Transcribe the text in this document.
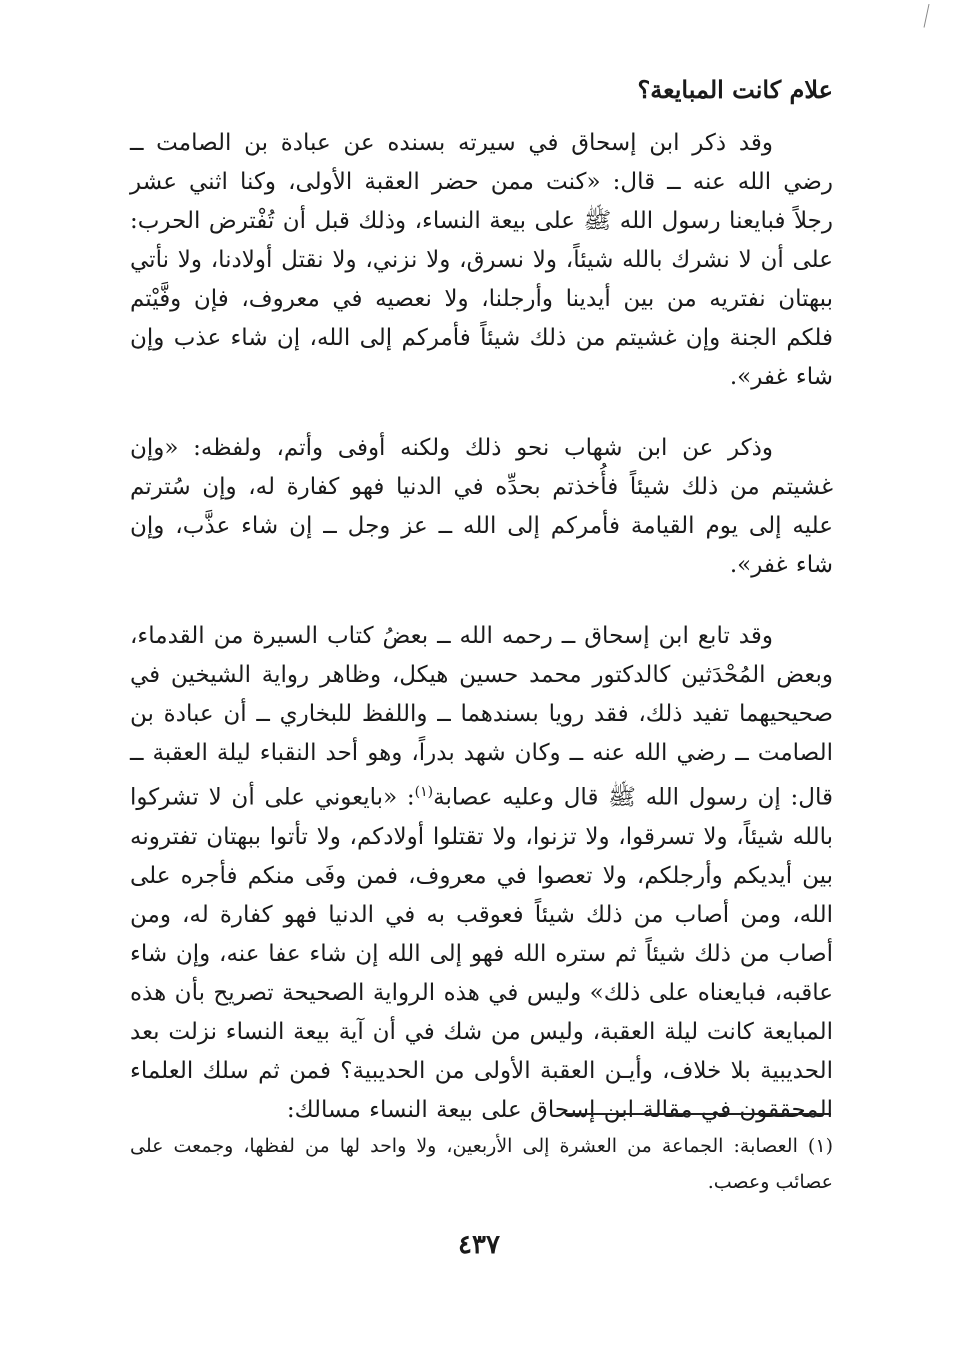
علام كانت المبايعة؟

وقد ذكر ابن إسحاق في سيرته بسنده عن عبادة بن الصامت ــ رضي الله عنه ــ قال: «كنت ممن حضر العقبة الأولى، وكنا اثني عشر رجلاً فبايعنا رسول الله ﷺ على بيعة النساء، وذلك قبل أن تُفْترض الحرب: على أن لا نشرك بالله شيئاً، ولا نسرق، ولا نزني، ولا نقتل أولادنا، ولا نأتي ببهتان نفتريه من بين أيدينا وأرجلنا، ولا نعصيه في معروف، فإن وفَّيْتم فلكم الجنة وإن غشيتم من ذلك شيئاً فأمركم إلى الله، إن شاء عذب وإن شاء غفر».

وذكر عن ابن شهاب نحو ذلك ولكنه أوفى وأتم، ولفظه: «وإن غشيتم من ذلك شيئاً فأُخذتم بحدِّه في الدنيا فهو كفارة له، وإن سُترتم عليه إلى يوم القيامة فأمركم إلى الله ــ عز وجل ــ إن شاء عذَّب، وإن شاء غفر».

وقد تابع ابن إسحاق ــ رحمه الله ــ بعضُ كتاب السيرة من القدماء، وبعض المُحْدَثين كالدكتور محمد حسين هيكل، وظاهر رواية الشيخين في صحيحيهما تفيد ذلك، فقد رويا بسندهما ــ واللفظ للبخاري ــ أن عبادة بن الصامت ــ رضي الله عنه ــ وكان شهد بدراً، وهو أحد النقباء ليلة العقبة ــ قال: إن رسول الله ﷺ قال وعليه عصابة$^{(١)}$: «بايعوني على أن لا تشركوا بالله شيئاً، ولا تسرقوا، ولا تزنوا، ولا تقتلوا أولادكم، ولا تأتوا ببهتان تفترونه بين أيديكم وأرجلكم، ولا تعصوا في معروف، فمن وفَى منكم فأجره على الله، ومن أصاب من ذلك شيئاً فعوقب به في الدنيا فهو كفارة له، ومن أصاب من ذلك شيئاً ثم ستره الله فهو إلى الله إن شاء عفا عنه، وإن شاء عاقبه، فبايعناه على ذلك» وليس في هذه الرواية الصحيحة تصريح بأن هذه المبايعة كانت ليلة العقبة، وليس من شك في أن آية بيعة النساء نزلت بعد الحديبية بلا خلاف، وأيـن العقبة الأولى من الحديبية؟ فمن ثم سلك العلماء المحققون في مقالة ابن إسحاق على بيعة النساء مسالك:

(١) العصابة: الجماعة من العشرة إلى الأربعين، ولا واحد لها من لفظها، وجمعت على عصائب وعصب.
٤٣٧
